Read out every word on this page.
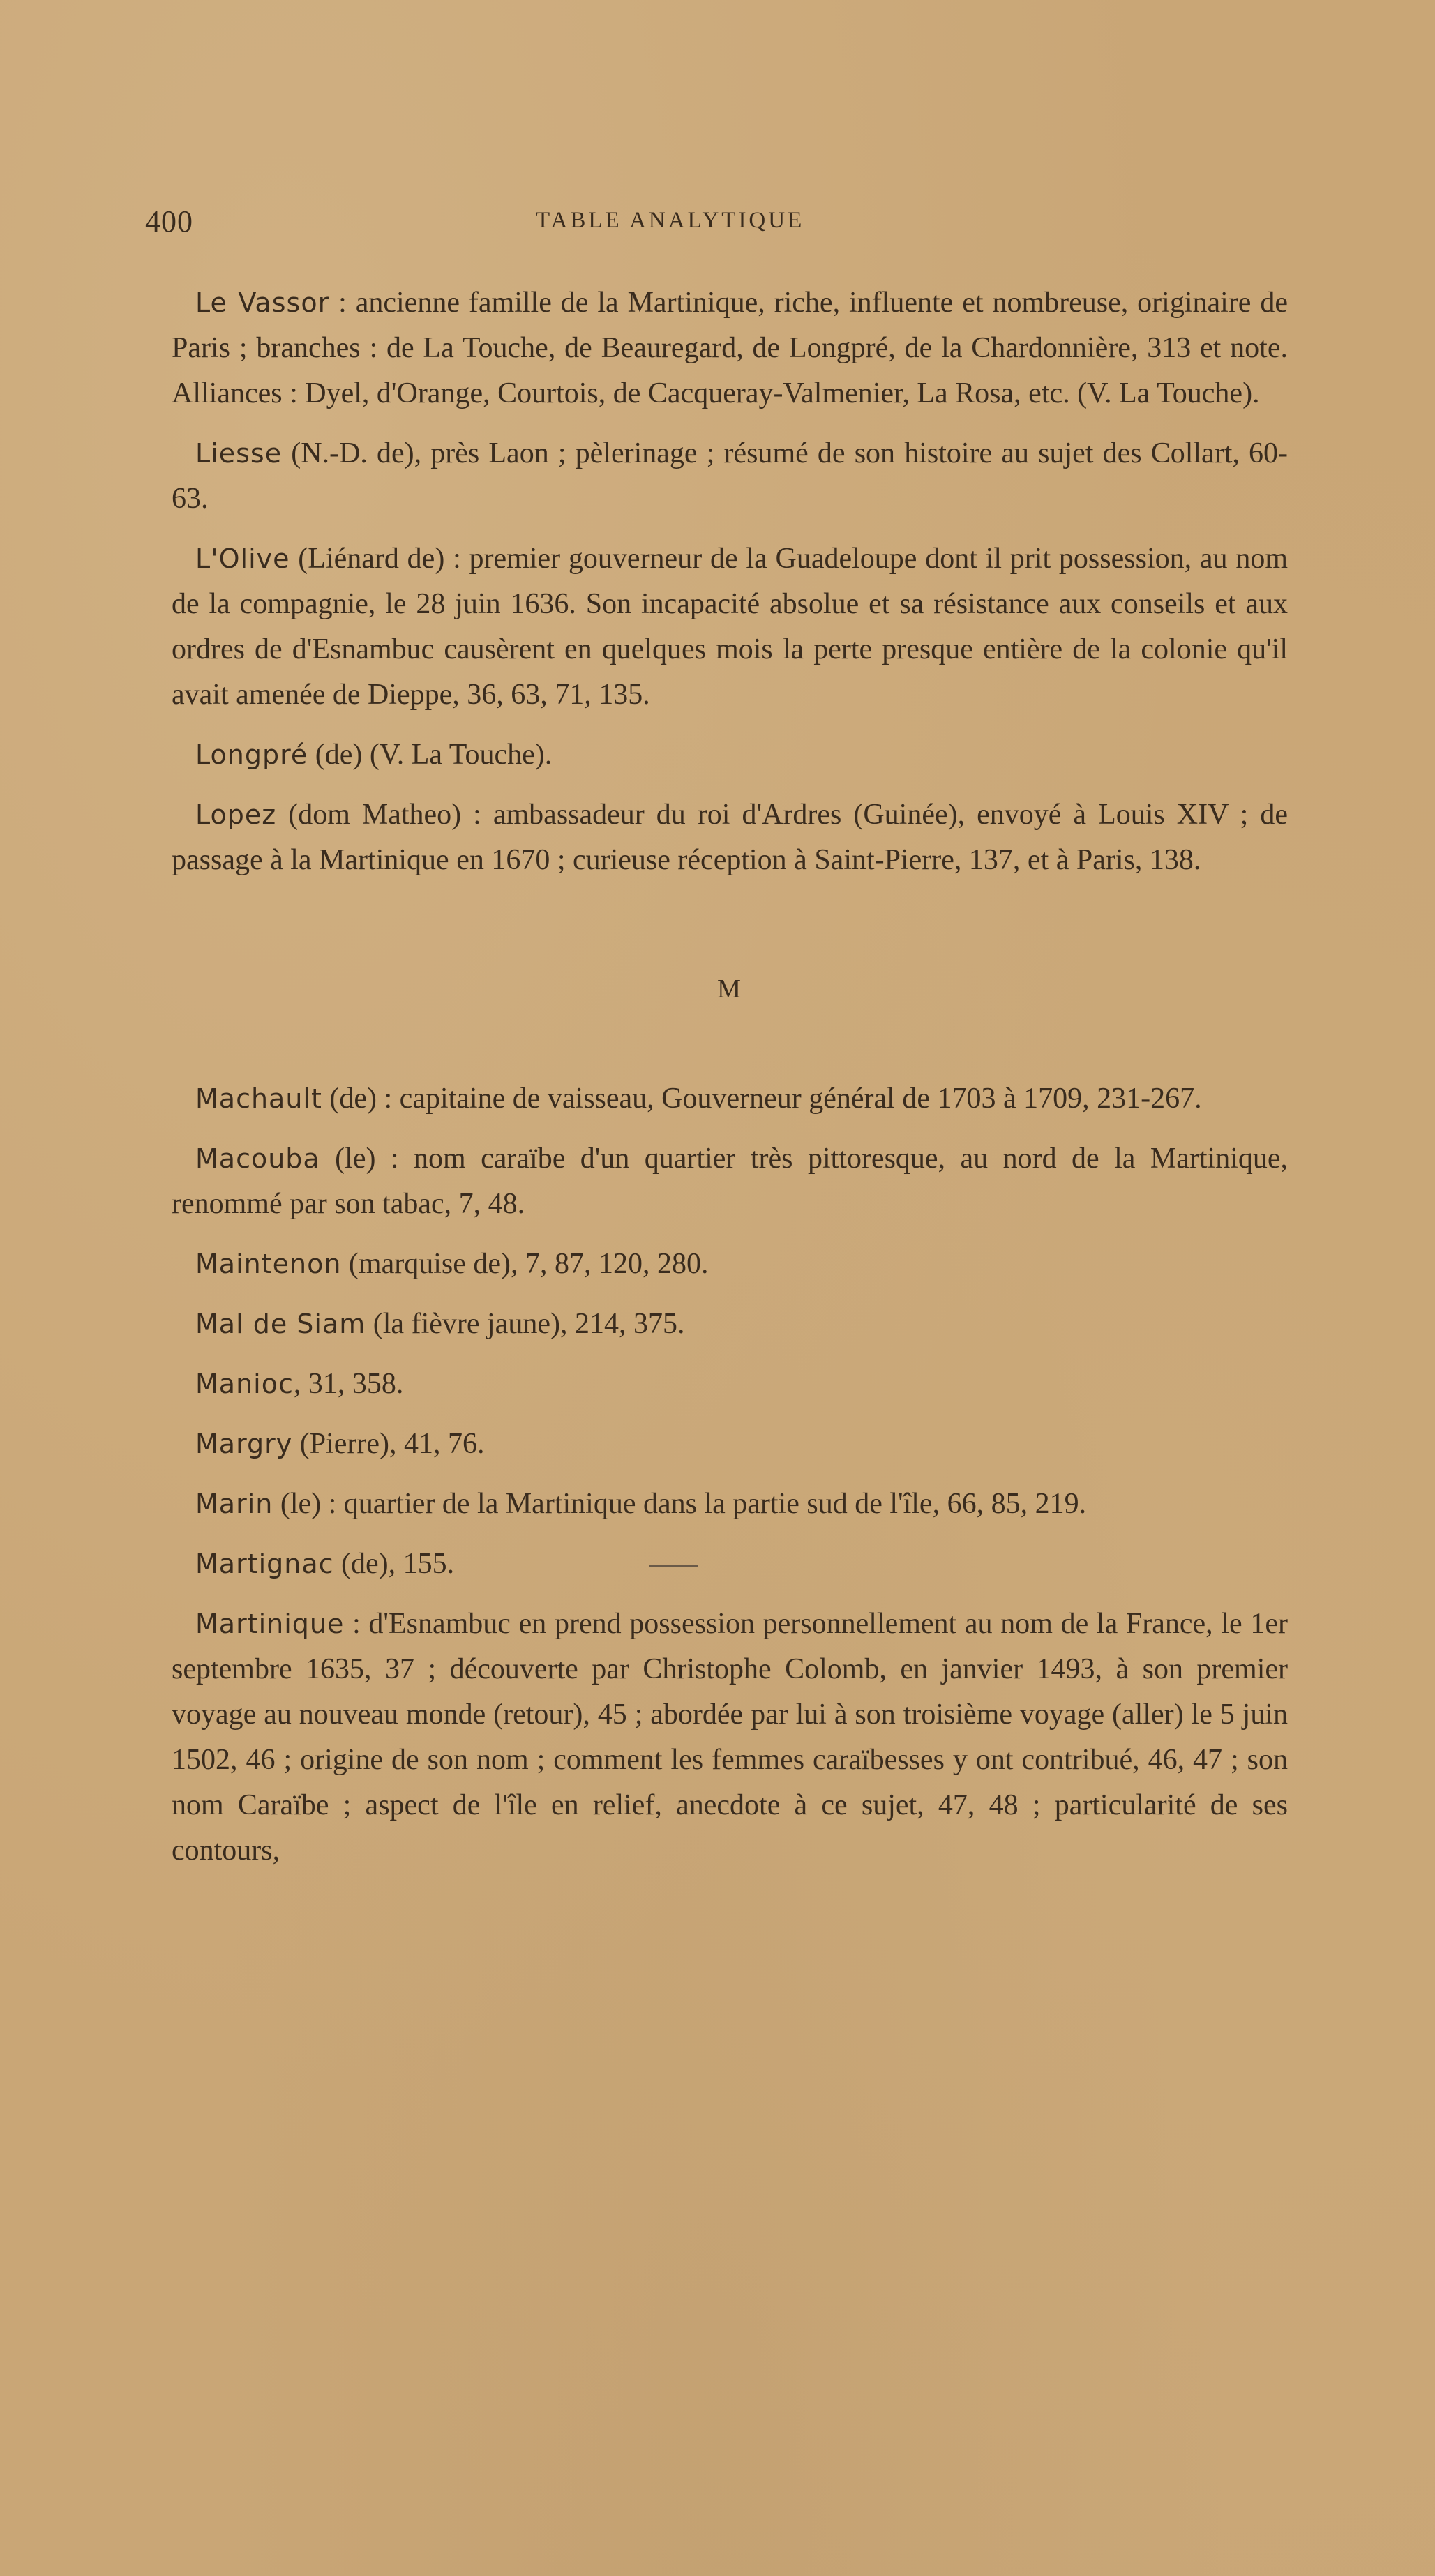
400	TABLE ANALYTIQUE

Le Vassor : ancienne famille de la Martinique, riche, influente et nombreuse, originaire de Paris ; branches : de La Touche, de Beauregard, de Longpré, de la Chardonnière, 313 et note. Alliances : Dyel, d'Orange, Courtois, de Cacqueray-Valmenier, La Rosa, etc. (V. La Touche).

Liesse (N.-D. de), près Laon ; pèlerinage ; résumé de son histoire au sujet des Collart, 60-63.

L'Olive (Liénard de) : premier gouverneur de la Guadeloupe dont il prit possession, au nom de la compagnie, le 28 juin 1636. Son incapacité absolue et sa résistance aux conseils et aux ordres de d'Esnambuc causèrent en quelques mois la perte presque entière de la colonie qu'il avait amenée de Dieppe, 36, 63, 71, 135.

Longpré (de) (V. La Touche).

Lopez (dom Matheo) : ambassadeur du roi d'Ardres (Guinée), envoyé à Louis XIV ; de passage à la Martinique en 1670 ; curieuse réception à Saint-Pierre, 137, et à Paris, 138.

M

Machault (de) : capitaine de vaisseau, Gouverneur général de 1703 à 1709, 231-267.

Macouba (le) : nom caraïbe d'un quartier très pittoresque, au nord de la Martinique, renommé par son tabac, 7, 48.

Maintenon (marquise de), 7, 87, 120, 280.

Mal de Siam (la fièvre jaune), 214, 375.

Manioc, 31, 358.

Margry (Pierre), 41, 76.

Marin (le) : quartier de la Martinique dans la partie sud de l'île, 66, 85, 219.

Martignac (de), 155.

Martinique : d'Esnambuc en prend possession personnellement au nom de la France, le 1er septembre 1635, 37 ; découverte par Christophe Colomb, en janvier 1493, à son premier voyage au nouveau monde (retour), 45 ; abordée par lui à son troisième voyage (aller) le 5 juin 1502, 46 ; origine de son nom ; comment les femmes caraïbesses y ont contribué, 46, 47 ; son nom Caraïbe ; aspect de l'île en relief, anecdote à ce sujet, 47, 48 ; particularité de ses contours,
